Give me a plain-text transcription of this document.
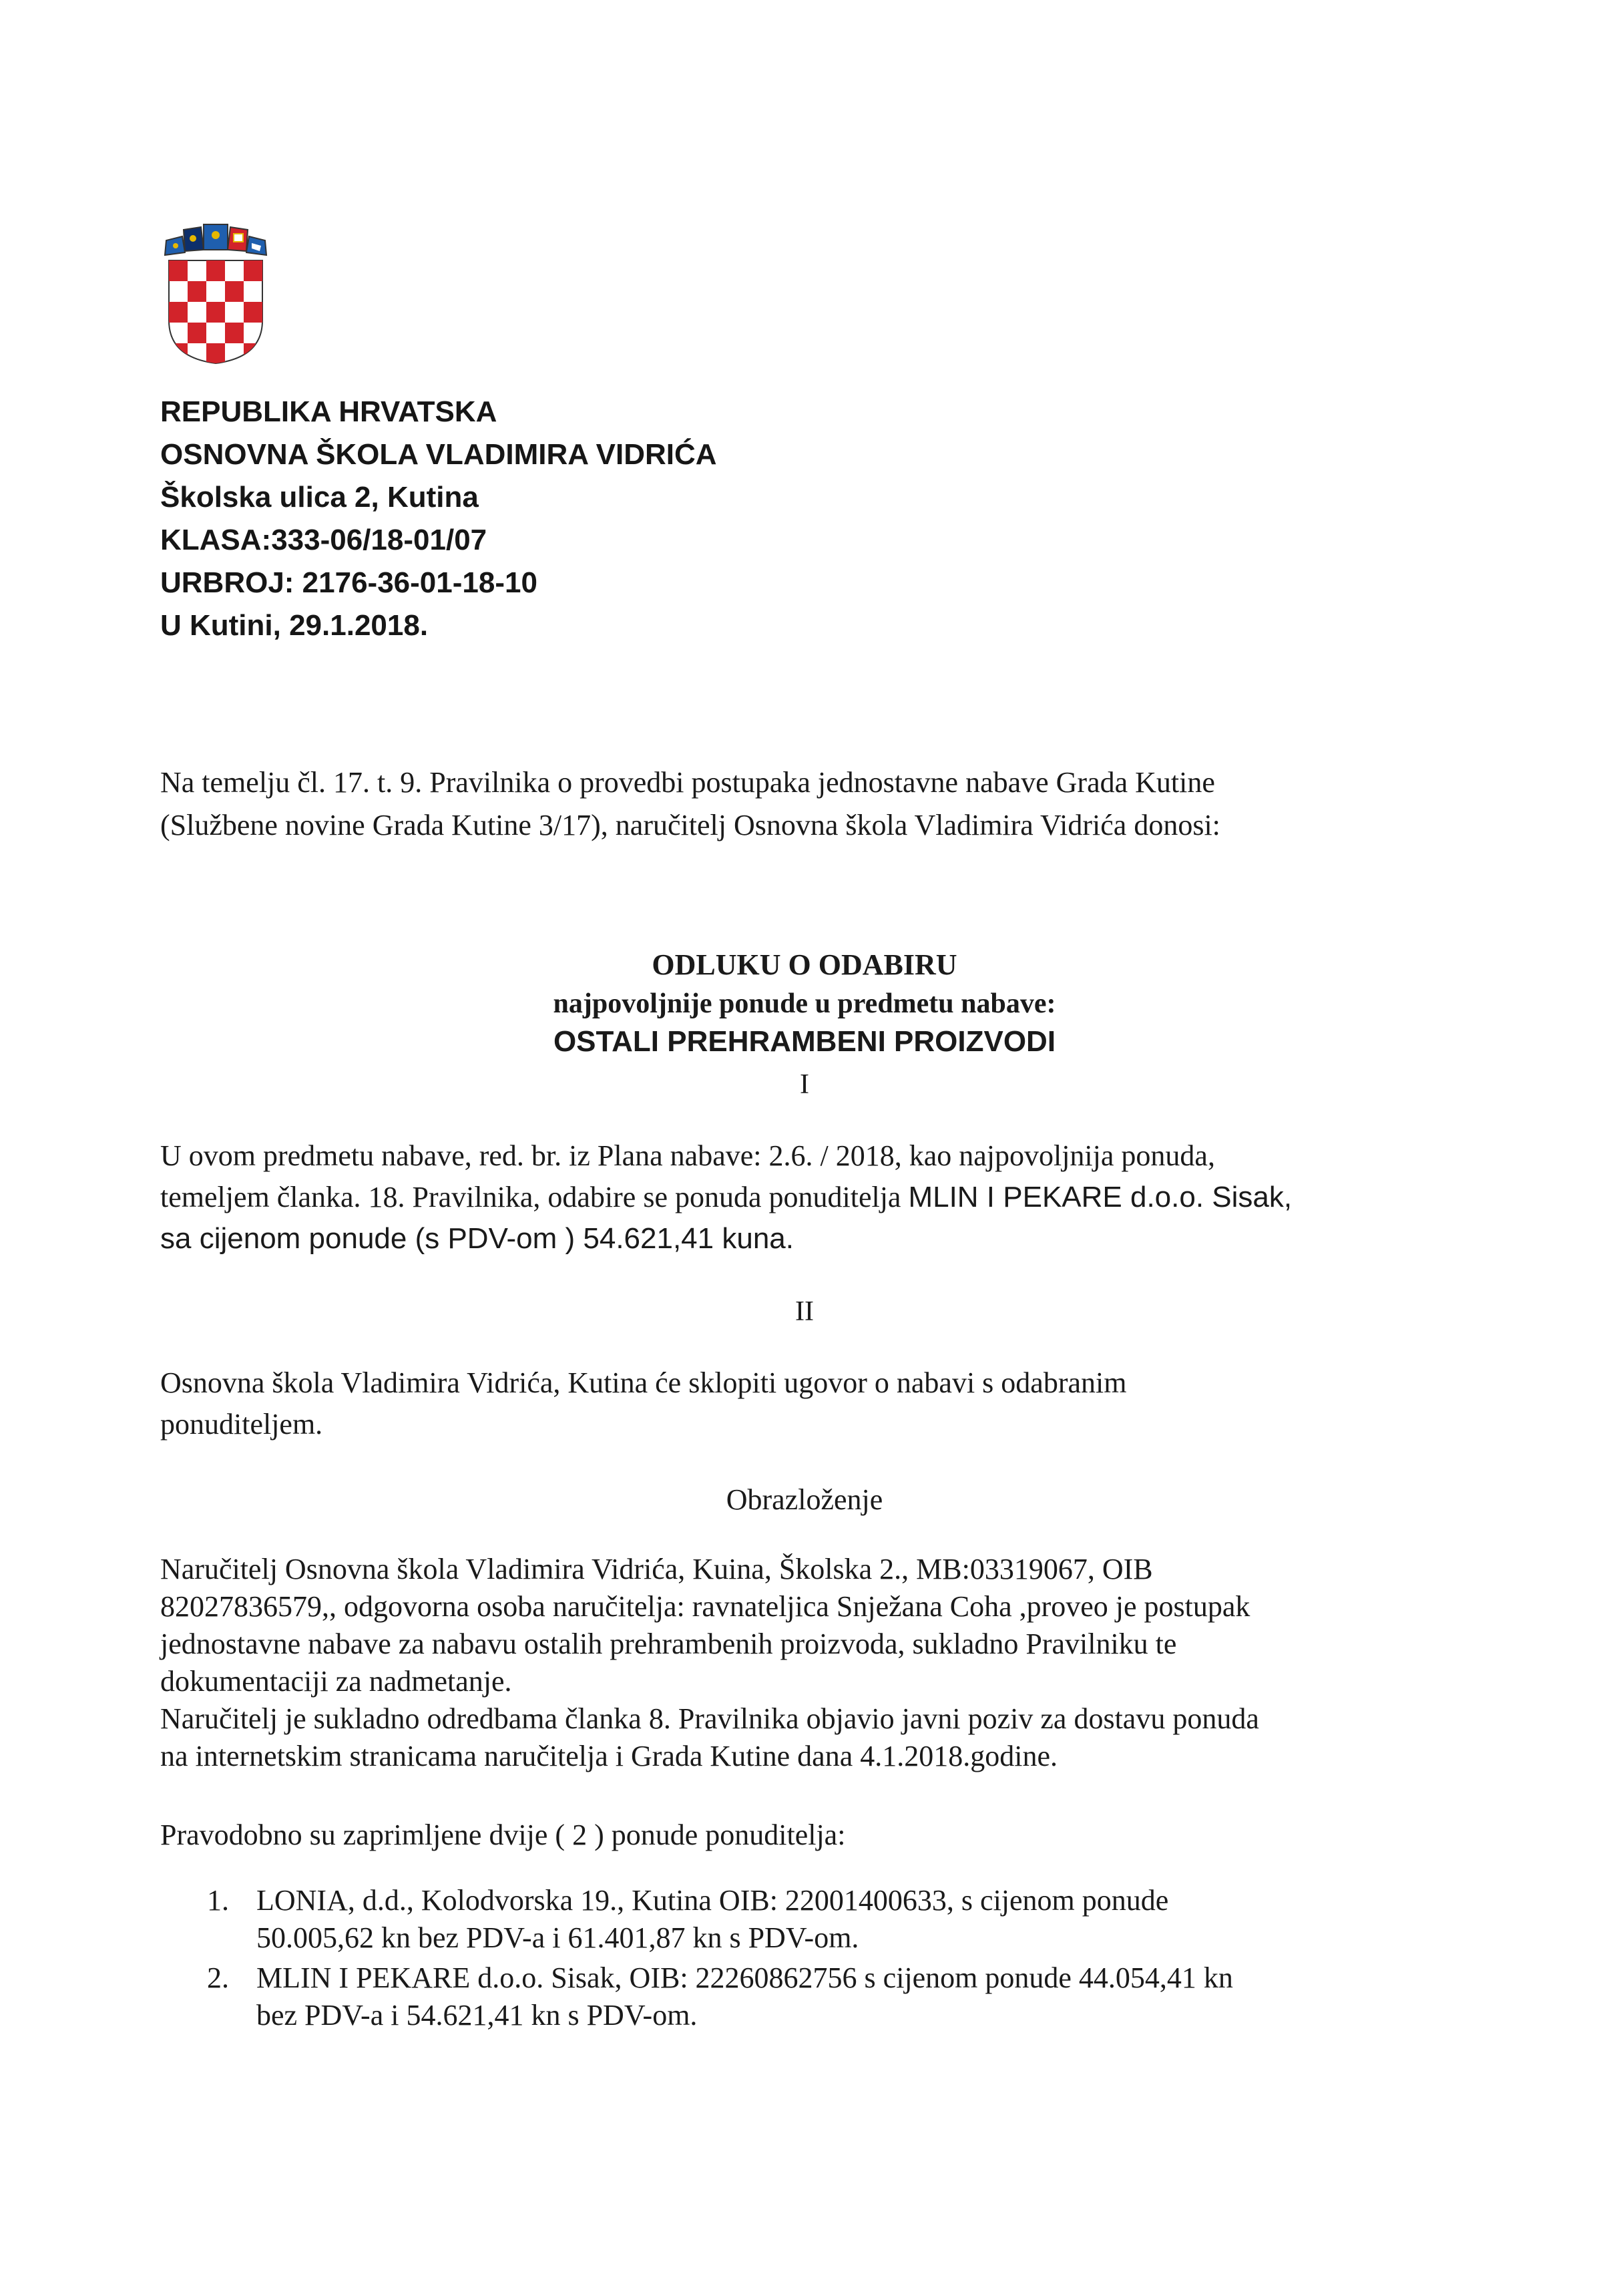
REPUBLIKA HRVATSKA
OSNOVNA ŠKOLA VLADIMIRA VIDRIĆA
Školska ulica 2, Kutina
KLASA:333-06/18-01/07
URBROJ: 2176-36-01-18-10
U Kutini, 29.1.2018.
Na temelju čl. 17. t. 9. Pravilnika o provedbi postupaka jednostavne nabave Grada Kutine
(Službene novine Grada Kutine 3/17), naručitelj Osnovna škola Vladimira Vidrića donosi:
ODLUKU O ODABIRU
najpovoljnije ponude u predmetu nabave:
OSTALI PREHRAMBENI PROIZVODI
I
U ovom predmetu nabave, red. br. iz Plana nabave: 2.6. / 2018, kao najpovoljnija ponuda,
temeljem članka. 18. Pravilnika, odabire se ponuda ponuditelja MLIN I PEKARE d.o.o. Sisak,
sa cijenom ponude (s PDV-om ) 54.621,41 kuna.
II
Osnovna škola Vladimira Vidrića, Kutina će sklopiti ugovor o nabavi s odabranim
ponuditeljem.
Obrazloženje
Naručitelj Osnovna škola Vladimira Vidrića, Kuina, Školska 2., MB:03319067, OIB
82027836579,, odgovorna osoba naručitelja: ravnateljica Snježana Coha ,proveo je postupak
jednostavne nabave za nabavu ostalih prehrambenih proizvoda, sukladno Pravilniku te
dokumentaciji za nadmetanje.
Naručitelj je sukladno odredbama članka 8. Pravilnika objavio javni poziv za dostavu ponuda
na internetskim stranicama naručitelja i Grada Kutine dana 4.1.2018.godine.
Pravodobno su zaprimljene dvije ( 2 ) ponude ponuditelja:
1. LONIA, d.d., Kolodvorska 19., Kutina OIB: 22001400633, s cijenom ponude
50.005,62 kn bez PDV-a i 61.401,87 kn s PDV-om.
2. MLIN I PEKARE d.o.o. Sisak, OIB: 22260862756 s cijenom ponude 44.054,41 kn
bez PDV-a i 54.621,41 kn s PDV-om.
